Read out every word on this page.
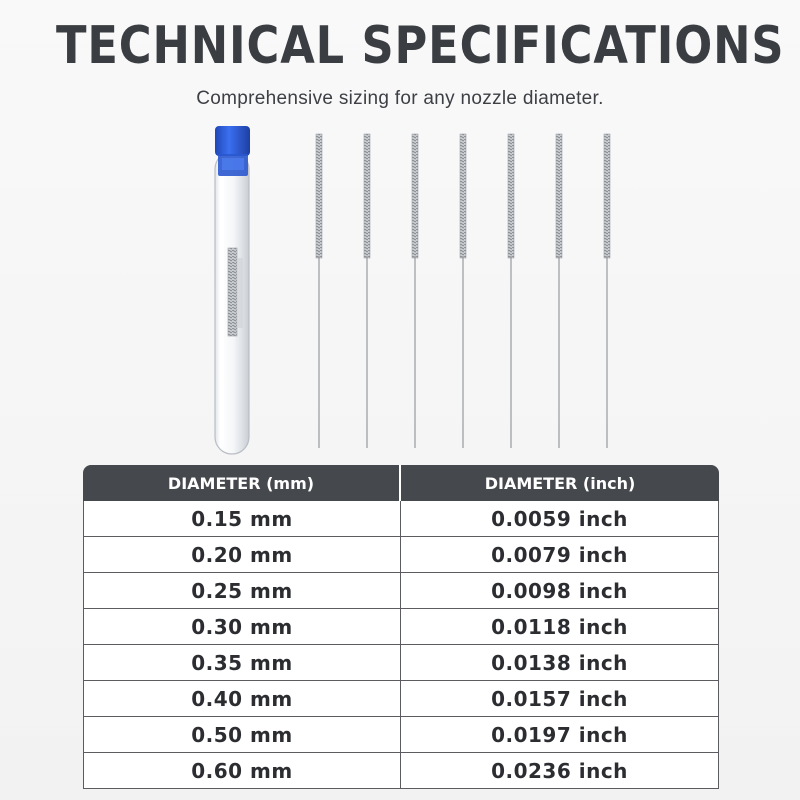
TECHNICAL SPECIFICATIONS
Comprehensive sizing for any nozzle diameter.
DIAMETER (mm)	DIAMETER (inch)
0.15 mm	0.0059 inch
0.20 mm	0.0079 inch
0.25 mm	0.0098 inch
0.30 mm	0.0118 inch
0.35 mm	0.0138 inch
0.40 mm	0.0157 inch
0.50 mm	0.0197 inch
0.60 mm	0.0236 inch
